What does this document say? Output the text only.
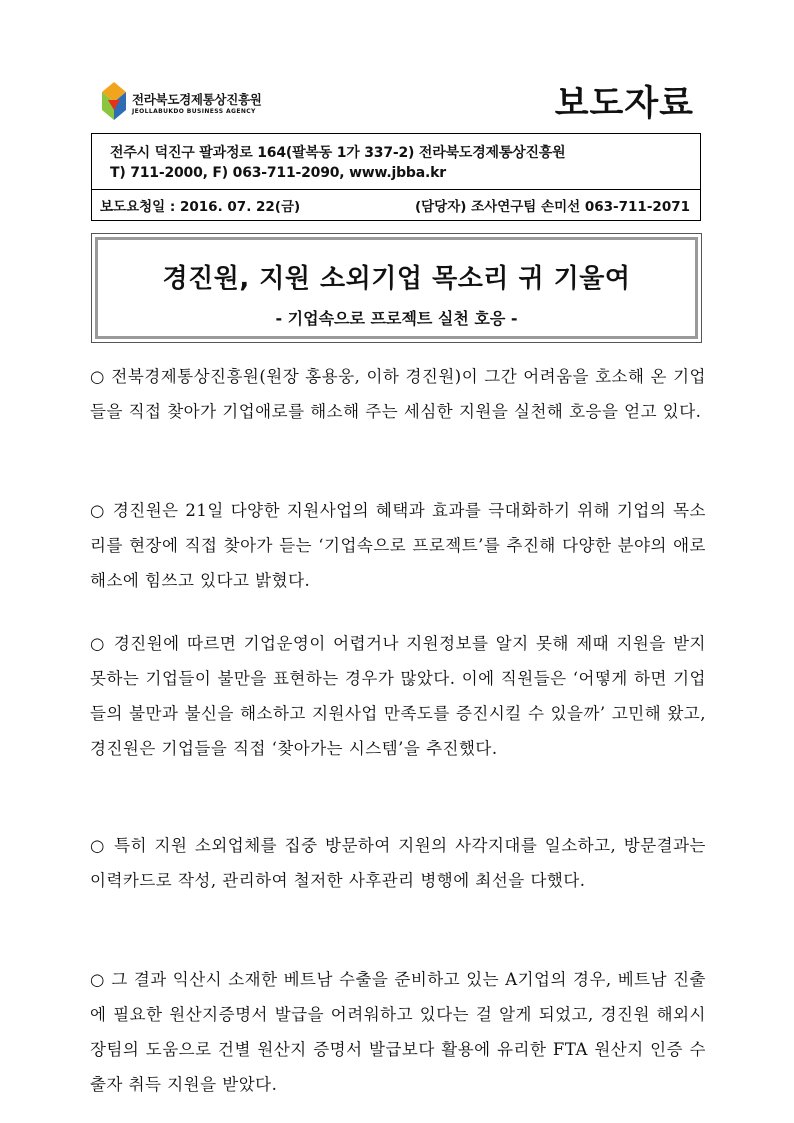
전라북도경제통상진흥원
JEOLLABUKDO BUSINESS AGENCY	보도자료
전주시 덕진구 팔과정로 164(팔복동 1가 337-2) 전라북도경제통상진흥원
T) 711-2000, F) 063-711-2090, www.jbba.kr
보도요청일 : 2016. 07. 22(금)	(담당자) 조사연구팀 손미선 063-711-2071
경진원, 지원 소외기업 목소리 귀 기울여
- 기업속으로 프로젝트 실천 호응 -

○ 전북경제통상진흥원(원장 홍용웅, 이하 경진원)이 그간 어려움을 호소해 온 기업들을 직접 찾아가 기업애로를 해소해 주는 세심한 지원을 실천해 호응을 얻고 있다.

○ 경진원은 21일 다양한 지원사업의 혜택과 효과를 극대화하기 위해 기업의 목소리를 현장에 직접 찾아가 듣는 ‘기업속으로 프로젝트’를 추진해 다양한 분야의 애로해소에 힘쓰고 있다고 밝혔다.

○ 경진원에 따르면 기업운영이 어렵거나 지원정보를 알지 못해 제때 지원을 받지 못하는 기업들이 불만을 표현하는 경우가 많았다. 이에 직원들은 ‘어떻게 하면 기업들의 불만과 불신을 해소하고 지원사업 만족도를 증진시킬 수 있을까’ 고민해 왔고, 경진원은 기업들을 직접 ‘찾아가는 시스템’을 추진했다.

○ 특히 지원 소외업체를 집중 방문하여 지원의 사각지대를 일소하고, 방문결과는 이력카드로 작성, 관리하여 철저한 사후관리 병행에 최선을 다했다.

○ 그 결과 익산시 소재한 베트남 수출을 준비하고 있는 A기업의 경우, 베트남 진출에 필요한 원산지증명서 발급을 어려워하고 있다는 걸 알게 되었고, 경진원 해외시장팀의 도움으로 건별 원산지 증명서 발급보다 활용에 유리한 FTA 원산지 인증 수출자 취득 지원을 받았다.
